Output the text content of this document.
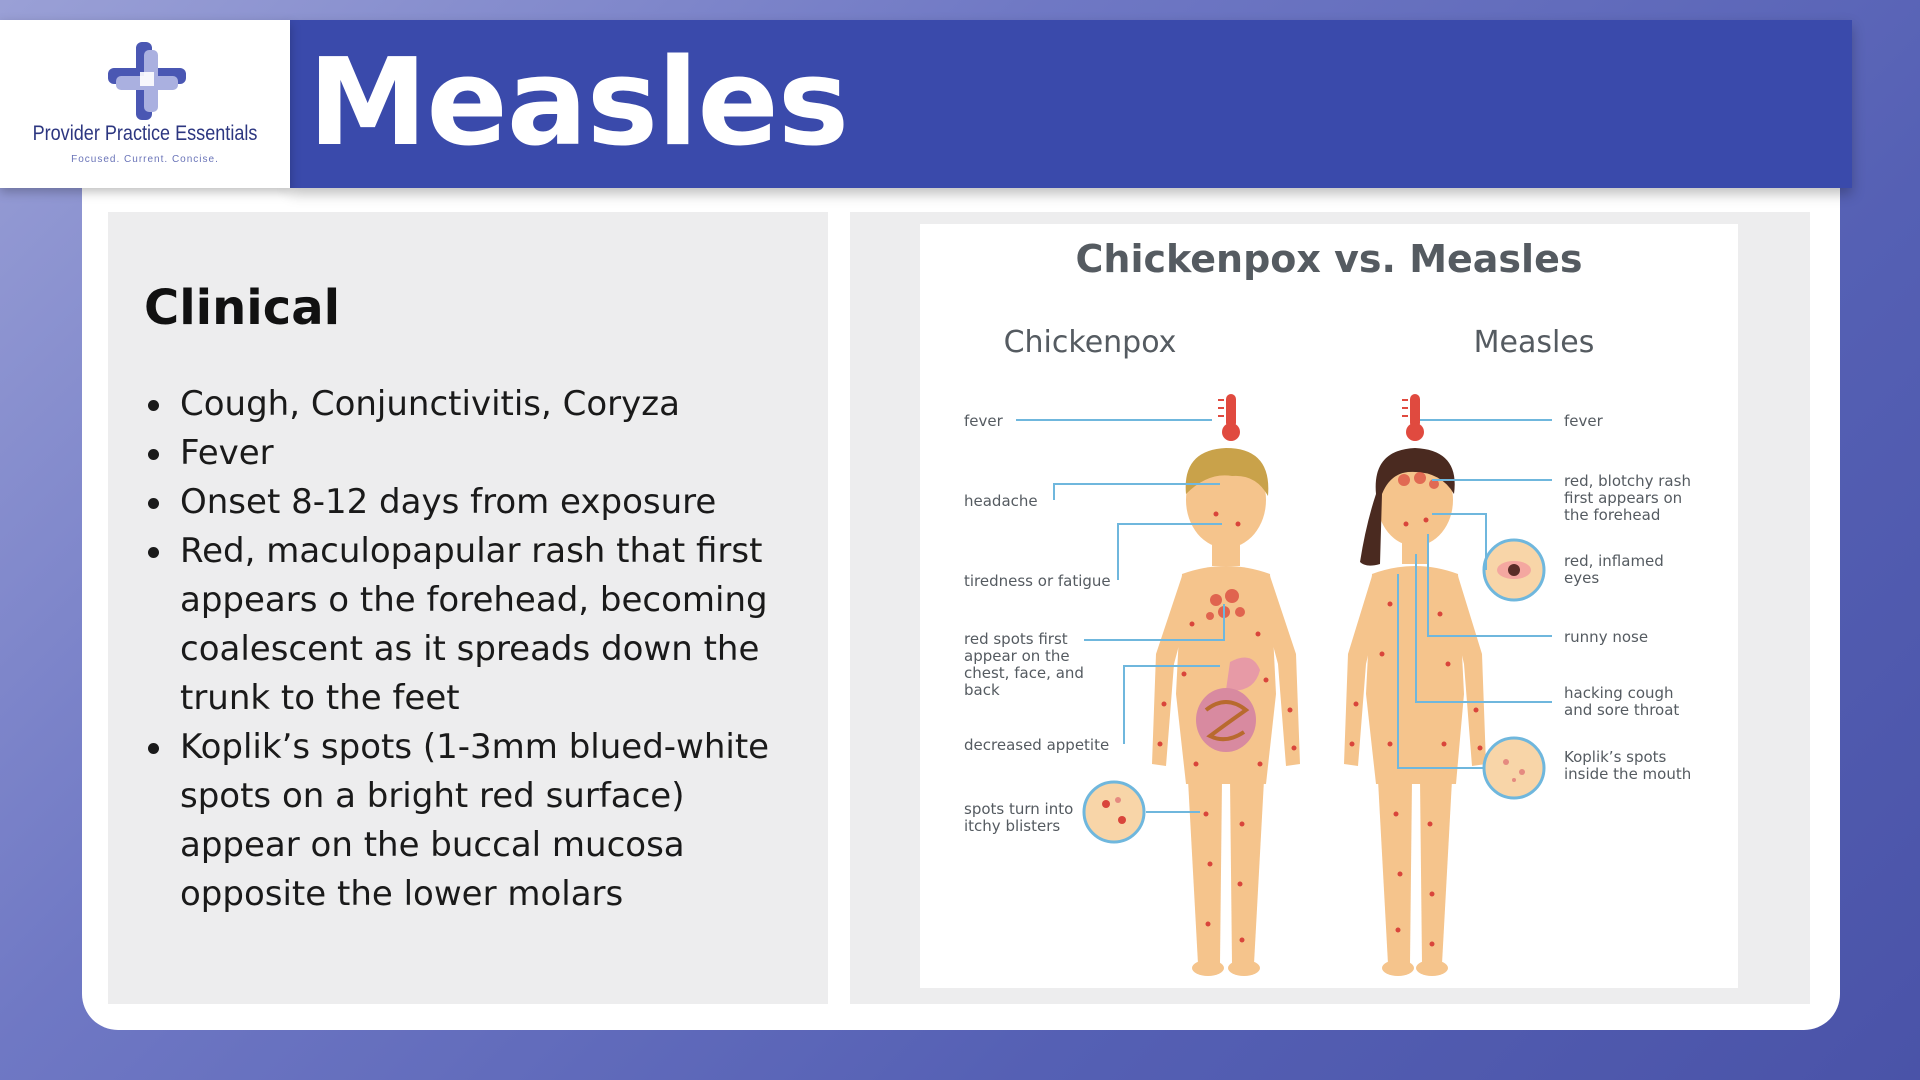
Provider Practice Essentials
Focused. Current. Concise. Measles
Clinical
Cough, Conjunctivitis, Coryza
Fever
Onset 8-12 days from exposure
Red, maculopapular rash that first appears o the forehead, becoming coalescent as it spreads down the trunk to the feet
Koplik’s spots (1-3mm blued-white spots on a bright red surface) appear on the buccal mucosa opposite the lower molars
Chickenpox vs. Measles
Chickenpox	Measles
fever
headache
tiredness or fatigue
red spots first appear on the chest, face, and back
decreased appetite
spots turn into itchy blisters
fever
red, blotchy rash first appears on the forehead
red, inflamed eyes
runny nose
hacking cough and sore throat
Koplik’s spots inside the mouth
